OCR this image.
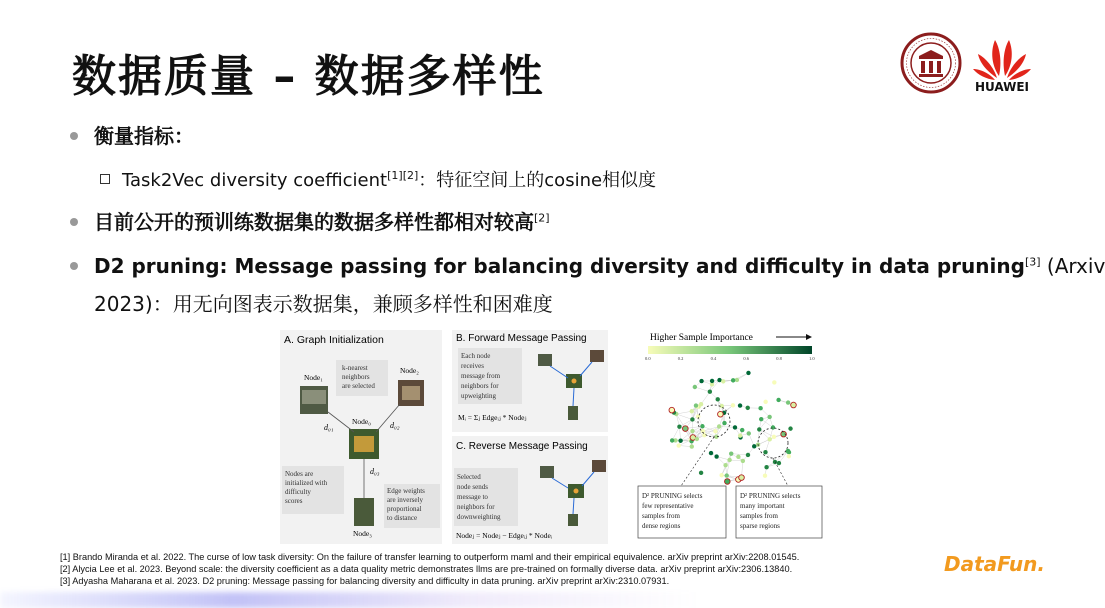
数据质量 – 数据多样性	HUAWEI
衡量指标：
Task2Vec diversity coefficient[1][2]：特征空间上的cosine相似度
目前公开的预训练数据集的数据多样性都相对较高[2]
D2 pruning: Message passing for balancing diversity and difficulty in data pruning[3] (Arxiv
2023)：用无向图表示数据集，兼顾多样性和困难度
A. Graph Initialization
k-nearest neighbors are selected
Node₁
Node₂
Node₀
d₀₁	d₀₂
d₀₃
Nodes are initialized with difficulty scores
Node₃
Edge weights are inversely proportional to distance
B. Forward Message Passing
Each node receives message from neighbors for upweighting
Mᵢ = Σⱼ Edgeᵢⱼ * Nodeⱼ
C. Reverse Message Passing
Selected node sends message to neighbors for downweighting
Nodeⱼ = Nodeⱼ − Edgeᵢⱼ * Nodeᵢ
Higher Sample Importance
0.0	0.2	0.4	0.6	0.8	1.0
D² PRUNING selects few representative samples from dense regions
D² PRUNING selects many important samples from sparse regions
[1] Brando Miranda et al. 2022. The curse of low task diversity: On the failure of transfer learning to outperform maml and their empirical equivalence. arXiv preprint arXiv:2208.01545.
[2] Alycia Lee et al. 2023. Beyond scale: the diversity coefficient as a data quality metric demonstrates llms are pre-trained on formally diverse data. arXiv preprint arXiv:2306.13840.
[3] Adyasha Maharana et al. 2023. D2 pruning: Message passing for balancing diversity and difficulty in data pruning. arXiv preprint arXiv:2310.07931.
DataFun.
